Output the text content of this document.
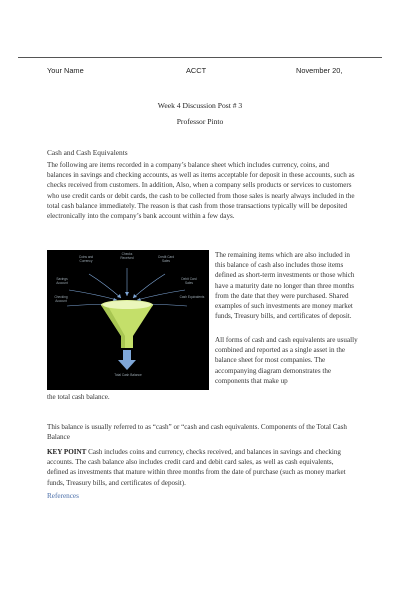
Your Name	ACCT	November 20,
Week 4 Discussion Post # 3
Professor Pinto
Cash and Cash Equivalents

The following are items recorded in a company’s balance sheet which includes currency, coins, and balances in savings and checking accounts, as well as items acceptable for deposit in these accounts, such as checks received from customers. In addition, Also, when a company sells products or services to customers who use credit cards or debit cards, the cash to be collected from those sales is nearly always included in the total cash balance immediately. The reason is that cash from those transactions typically will be deposited electronically into the company’s bank account within a few days.

Coins and Currency
Checks Received	Credit Card Sales
Savings Account
Debit Card Sales
Checking Account
Cash Equivalents
Total Cash Balance

The remaining items which are also included in this balance of cash also includes those items defined as short-term investments or those which have a maturity date no longer than three months from the date that they were purchased. Shared examples of such investments are money market funds, Treasury bills, and certificates of deposit.

All forms of cash and cash equivalents are usually combined and reported as a single asset in the balance sheet for most companies. The accompanying diagram demonstrates the components that make up

the total cash balance.

This balance is usually referred to as “cash” or “cash and cash equivalents. Components of the Total Cash Balance

KEY POINT Cash includes coins and currency, checks received, and balances in savings and checking accounts. The cash balance also includes credit card and debit card sales, as well as cash equivalents, defined as investments that mature within three months from the date of purchase (such as money market funds, Treasury bills, and certificates of deposit).

References
